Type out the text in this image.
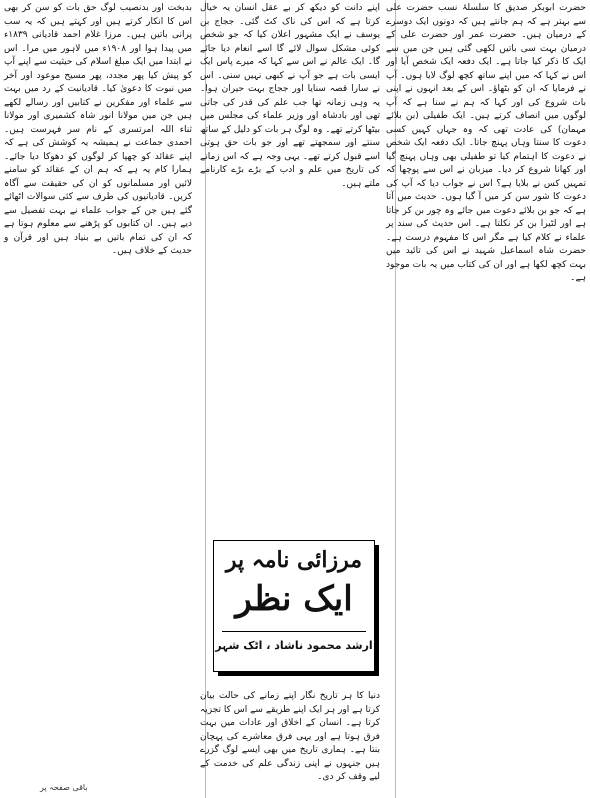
حضرت ابوبکر صدیق کا سلسلۂ نسب حضرت علی سے بہتر ہے کہ ہم جانتے ہیں کہ دونوں ایک دوسرے کے درمیان ہیں۔ حضرت عمر اور حضرت علی کے درمیان بہت سی باتیں لکھی گئی ہیں جن میں سے ایک کا ذکر کیا جاتا ہے۔ ایک دفعہ ایک شخص آیا اور اس نے کہا کہ میں اپنے ساتھ کچھ لوگ لایا ہوں۔ آپ نے فرمایا کہ ان کو بٹھاؤ۔ اس کے بعد انہوں نے اپنی بات شروع کی اور کہا کہ ہم نے سنا ہے کہ آپ لوگوں میں انصاف کرتے ہیں۔ ایک طفیلی (بن بلائے مہمان) کی عادت تھی کہ وہ جہاں کہیں کسی دعوت کا سنتا وہاں پہنچ جاتا۔ ایک دفعہ ایک شخص نے دعوت کا اہتمام کیا تو طفیلی بھی وہاں پہنچ گیا اور کھانا شروع کر دیا۔ میزبان نے اس سے پوچھا کہ تمہیں کس نے بلایا ہے؟ اس نے جواب دیا کہ آپ کی دعوت کا شور سن کر میں آ گیا ہوں۔ حدیث میں آتا ہے کہ جو بن بلائے دعوت میں جائے وہ چور بن کر جاتا ہے اور لٹیرا بن کر نکلتا ہے۔ اس حدیث کی سند پر علماء نے کلام کیا ہے مگر اس کا مفہوم درست ہے۔ حضرت شاہ اسماعیل شہید نے اس کی تائید میں بہت کچھ لکھا ہے اور ان کی کتاب میں یہ بات موجود ہے۔

اپنے دانت کو دیکھ کر بے عقل انسان یہ خیال کرتا ہے کہ اس کی ناک کٹ گئی۔ ججاج بن یوسف نے ایک مشہور اعلان کیا کہ جو شخص کوئی مشکل سوال لائے گا اسے انعام دیا جائے گا۔ ایک عالم نے اس سے کہا کہ میرے پاس ایک ایسی بات ہے جو آپ نے کبھی نہیں سنی۔ اس نے سارا قصہ سنایا اور ججاج بہت حیران ہوا۔ یہ وہی زمانہ تھا جب علم کی قدر کی جاتی تھی اور بادشاہ اور وزیر علماء کی مجلس میں بیٹھا کرتے تھے۔ وہ لوگ ہر بات کو دلیل کے ساتھ سنتے اور سمجھتے تھے اور جو بات حق ہوتی اسے قبول کرتے تھے۔ یہی وجہ ہے کہ اس زمانے کی تاریخ میں علم و ادب کے بڑے بڑے کارنامے ملتے ہیں۔

مرزائی نامہ پر
ایک نظر
ارشد محمود ناشاد ، اٹک شہر

دنیا کا ہر تاریخ نگار اپنے زمانے کی حالت بیان کرتا ہے اور ہر ایک اپنے طریقے سے اس کا تجزیہ کرتا ہے۔ انسان کے اخلاق اور عادات میں بہت فرق ہوتا ہے اور یہی فرق معاشرے کی پہچان بنتا ہے۔ ہماری تاریخ میں بھی ایسے لوگ گزرے ہیں جنہوں نے اپنی زندگی علم کی خدمت کے لیے وقف کر دی۔

بدبخت اور بدنصیب لوگ حق بات کو سن کر بھی اس کا انکار کرتے ہیں اور کہتے ہیں کہ یہ سب پرانی باتیں ہیں۔ مرزا غلام احمد قادیانی ۱۸۳۹ء میں پیدا ہوا اور ۱۹۰۸ء میں لاہور میں مرا۔ اس نے ابتدا میں ایک مبلغ اسلام کی حیثیت سے اپنے آپ کو پیش کیا پھر مجدد، پھر مسیح موعود اور آخر میں نبوت کا دعویٰ کیا۔ قادیانیت کے رد میں بہت سے علماء اور مفکرین نے کتابیں اور رسالے لکھے ہیں جن میں مولانا انور شاہ کشمیری اور مولانا ثناء اللہ امرتسری کے نام سر فہرست ہیں۔ احمدی جماعت نے ہمیشہ یہ کوشش کی ہے کہ اپنے عقائد کو چھپا کر لوگوں کو دھوکا دیا جائے۔ ہمارا کام یہ ہے کہ ہم ان کے عقائد کو سامنے لائیں اور مسلمانوں کو ان کی حقیقت سے آگاہ کریں۔ قادیانیوں کی طرف سے کئی سوالات اٹھائے گئے ہیں جن کے جواب علماء نے بہت تفصیل سے دیے ہیں۔ ان کتابوں کو پڑھنے سے معلوم ہوتا ہے کہ ان کی تمام باتیں بے بنیاد ہیں اور قرآن و حدیث کے خلاف ہیں۔

باقی صفحہ پر
